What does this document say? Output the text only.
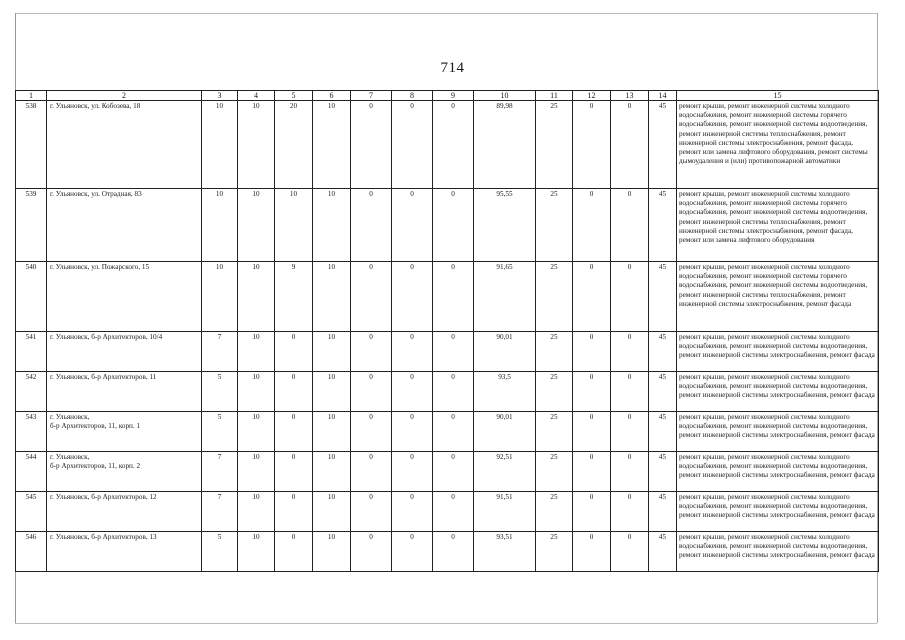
714
1	2	3	4	5	6	7	8	9	10	11	12	13	14	15
538	г. Ульяновск, ул. Кобозева, 18	10	10	20	10	0	0	0	89,98	25	0	0	45	ремонт крыши, ремонт инженерной системы холодного водоснабжения, ремонт инженерной системы горячего водоснабжения, ремонт инженерной системы водоотведения, ремонт инженерной системы теплоснабжения, ремонт инженерной системы электроснабжения, ремонт фасада, ремонт или замена лифтового оборудования, ремонт системы дымоудаления и (или) противопожарной автоматики
539	г. Ульяновск, ул. Отрадная, 83	10	10	10	10	0	0	0	95,55	25	0	0	45	ремонт крыши, ремонт инженерной системы холодного водоснабжения, ремонт инженерной системы горячего водоснабжения, ремонт инженерной системы водоотведения, ремонт инженерной системы теплоснабжения, ремонт инженерной системы электроснабжения, ремонт фасада, ремонт или замена лифтового оборудования
540	г. Ульяновск, ул. Пожарского, 15	10	10	9	10	0	0	0	91,65	25	0	0	45	ремонт крыши, ремонт инженерной системы холодного водоснабжения, ремонт инженерной системы горячего водоснабжения, ремонт инженерной системы водоотведения, ремонт инженерной системы теплоснабжения, ремонт инженерной системы электроснабжения, ремонт фасада
541	г. Ульяновск, б-р Архитекторов, 10/4	7	10	0	10	0	0	0	90,01	25	0	0	45	ремонт крыши, ремонт инженерной системы холодного водоснабжения, ремонт инженерной системы водоотведения, ремонт инженерной системы электроснабжения, ремонт фасада
542	г. Ульяновск, б-р Архитекторов, 11	5	10	0	10	0	0	0	93,5	25	0	0	45	ремонт крыши, ремонт инженерной системы холодного водоснабжения, ремонт инженерной системы водоотведения, ремонт инженерной системы электроснабжения, ремонт фасада
543	г. Ульяновск,
б-р Архитекторов, 11, корп. 1	5	10	0	10	0	0	0	90,01	25	0	0	45	ремонт крыши, ремонт инженерной системы холодного водоснабжения, ремонт инженерной системы водоотведения, ремонт инженерной системы электроснабжения, ремонт фасада
544	г. Ульяновск,
б-р Архитекторов, 11, корп. 2	7	10	0	10	0	0	0	92,51	25	0	0	45	ремонт крыши, ремонт инженерной системы холодного водоснабжения, ремонт инженерной системы водоотведения, ремонт инженерной системы электроснабжения, ремонт фасада
545	г. Ульяновск, б-р Архитекторов, 12	7	10	0	10	0	0	0	91,51	25	0	0	45	ремонт крыши, ремонт инженерной системы холодного водоснабжения, ремонт инженерной системы водоотведения, ремонт инженерной системы электроснабжения, ремонт фасада
546	г. Ульяновск, б-р Архитекторов, 13	5	10	0	10	0	0	0	93,51	25	0	0	45	ремонт крыши, ремонт инженерной системы холодного водоснабжения, ремонт инженерной системы водоотведения, ремонт инженерной системы электроснабжения, ремонт фасада
